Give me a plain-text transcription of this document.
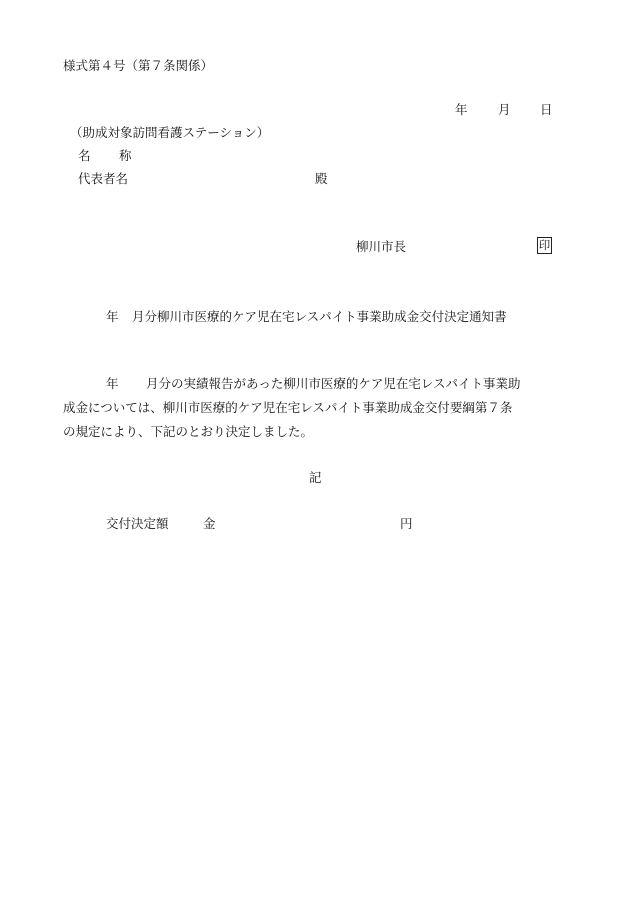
様式第４号（第７条関係）
年 月 日
（助成対象訪問看護ステーション）
名 称
代表者名	殿
柳川市長	印
年 月分柳川市医療的ケア児在宅レスパイト事業助成金交付決定通知書
年 月分の実績報告があった柳川市医療的ケア児在宅レスパイト事業助
成金については、柳川市医療的ケア児在宅レスパイト事業助成金交付要綱第７条
の規定により、下記のとおり決定しました。
記
交付決定額	金	円
